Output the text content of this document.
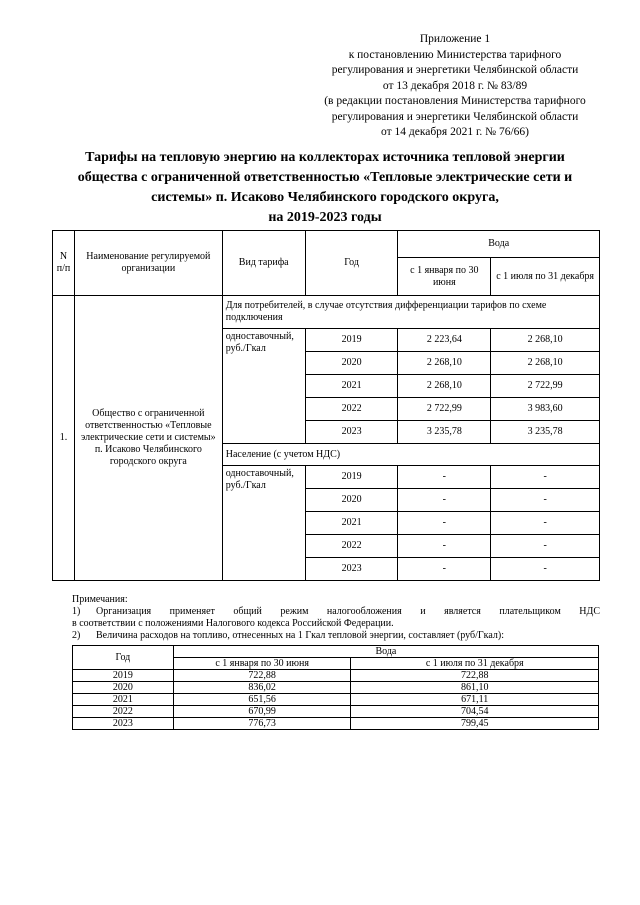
Приложение 1
к постановлению Министерства тарифного
регулирования и энергетики Челябинской области
от 13 декабря 2018 г. № 83/89
(в редакции постановления Министерства тарифного
регулирования и энергетики Челябинской области
от 14 декабря 2021 г. № 76/66)
Тарифы на тепловую энергию на коллекторах источника тепловой энергии
общества с ограниченной ответственностью «Тепловые электрические сети и
системы» п. Исаково Челябинского городского округа,
на 2019-2023 годы
N п/п	Наименование регулируемой организации	Вид тарифа	Год	Вода	
				с 1 января по 30 июня	с 1 июля по 31 декабря
1.	Общество с ограниченной ответственностью «Тепловые электрические сети и системы» п. Исаково Челябинского городского округа	Для потребителей, в случае отсутствия дифференциации тарифов по схеме подключения			
		одноставочный, руб./Гкал	2019	2 223,64	2 268,10
			2020	2 268,10	2 268,10
			2021	2 268,10	2 722,99
			2022	2 722,99	3 983,60
			2023	3 235,78	3 235,78
		Население (с учетом НДС)			
		одноставочный, руб./Гкал	2019	-	-
			2020	-	-
			2021	-	-
			2022	-	-
			2023	-	-
Примечания:
1)	Организация применяет общий режим налогообложения и является плательщиком НДС
в соответствии с положениями Налогового кодекса Российской Федерации.
2)	Величина расходов на топливо, отнесенных на 1 Гкал тепловой энергии, составляет (руб/Гкал):
Год	Вода	
	с 1 января по 30 июня	с 1 июля по 31 декабря
2019	722,88	722,88
2020	836,02	861,10
2021	651,56	671,11
2022	670,99	704,54
2023	776,73	799,45
